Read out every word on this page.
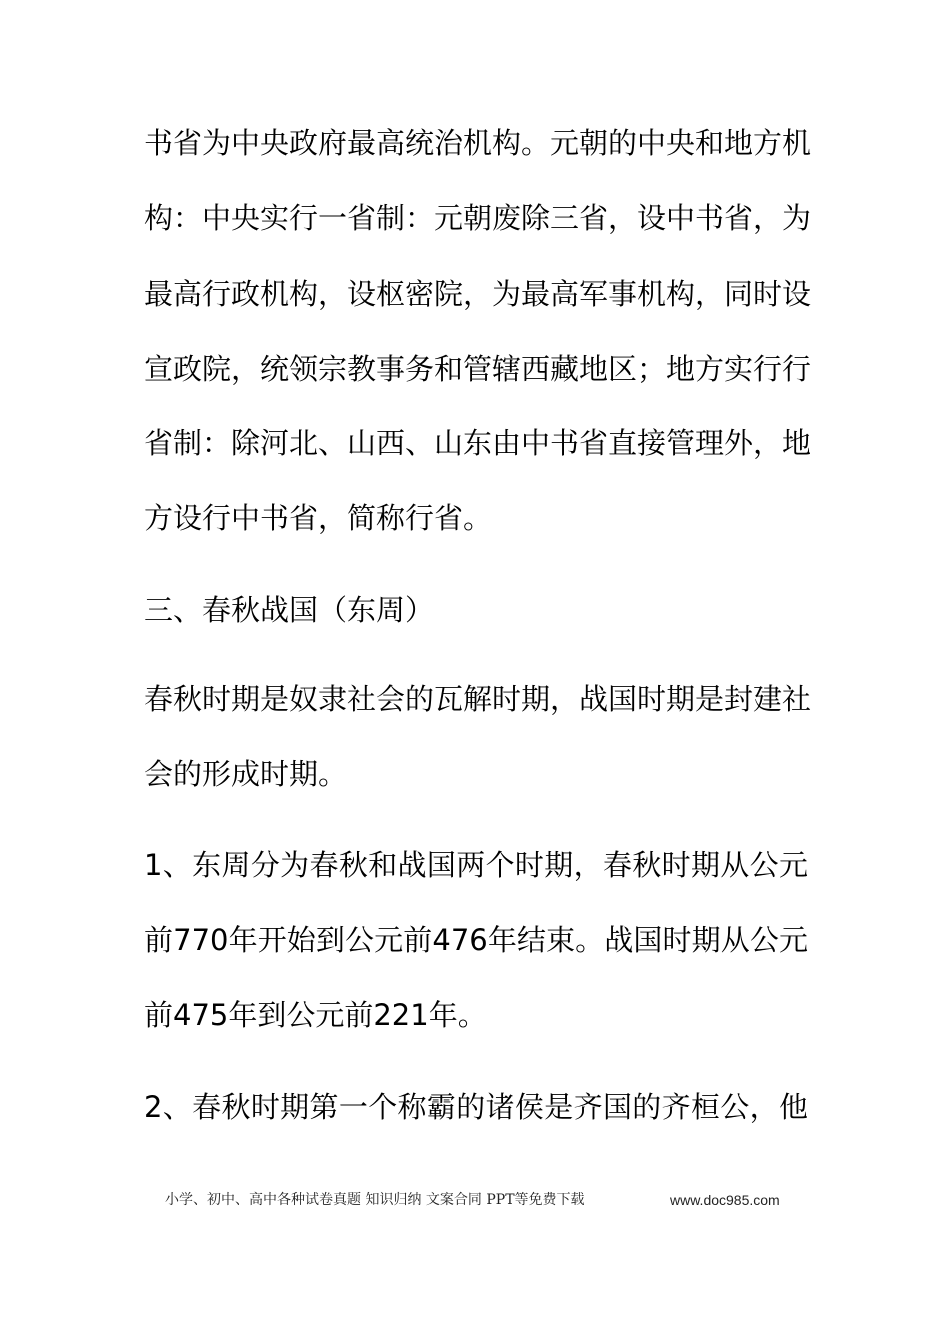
书省为中央政府最高统治机构。元朝的中央和地方机
构：中央实行一省制：元朝废除三省，设中书省，为
最高行政机构，设枢密院，为最高军事机构，同时设
宣政院，统领宗教事务和管辖西藏地区；地方实行行
省制：除河北、山西、山东由中书省直接管理外，地
方设行中书省，简称行省。
三、春秋战国（东周）
春秋时期是奴隶社会的瓦解时期，战国时期是封建社
会的形成时期。
1、东周分为春秋和战国两个时期，春秋时期从公元
前770年开始到公元前476年结束。战国时期从公元
前475年到公元前221年。
2、春秋时期第一个称霸的诸侯是齐国的齐桓公，他
小学、初中、高中各种试卷真题 知识归纳 文案合同 PPT等免费下载	www.doc985.com
